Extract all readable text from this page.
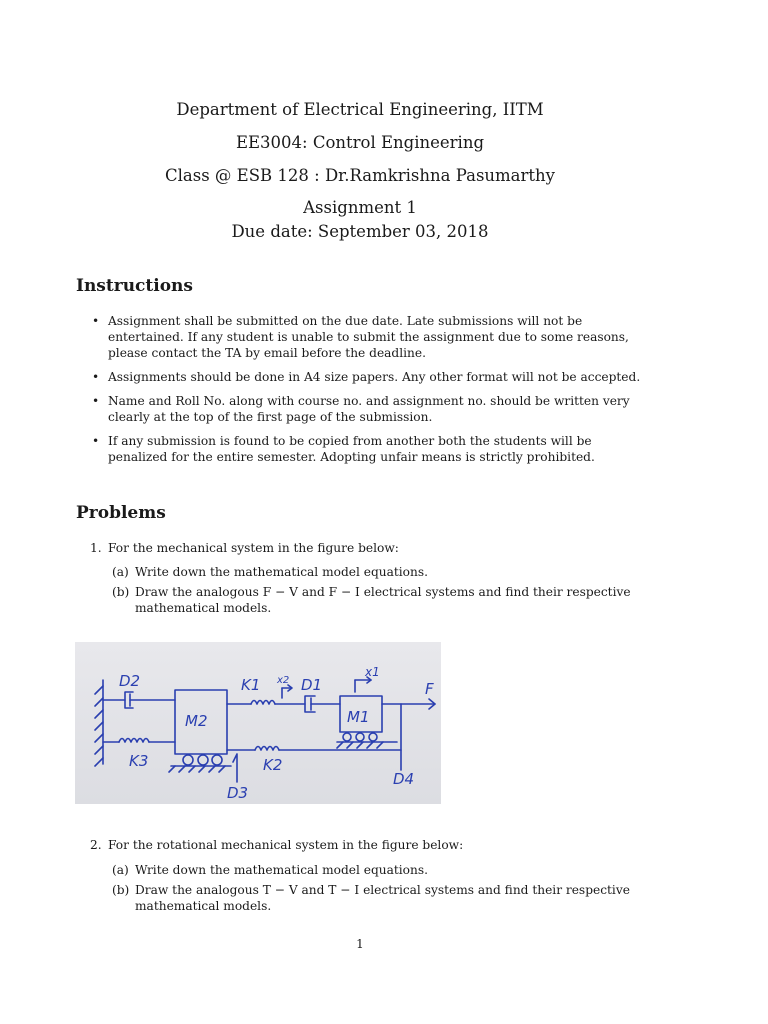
Department of Electrical Engineering, IITM
EE3004: Control Engineering
Class @ ESB 128 : Dr.Ramkrishna Pasumarthy
Assignment 1
Due date: September 03, 2018
Instructions
• Assignment shall be submitted on the due date. Late submissions will not be entertained. If any student is unable to submit the assignment due to some reasons, please contact the TA by email before the deadline.
• Assignments should be done in A4 size papers. Any other format will not be accepted.
• Name and Roll No. along with course no. and assignment no. should be written very clearly at the top of the first page of the submission.
• If any submission is found to be copied from another both the students will be penalized for the entire semester. Adopting unfair means is strictly prohibited.
Problems
1. For the mechanical system in the figure below:
(a) Write down the mathematical model equations.
(b) Draw the analogous F − V and F − I electrical systems and find their respective mathematical models.
D2	K1 x2 D1
x1
F
M2	M1
K3	K2
D3
D4
2. For the rotational mechanical system in the figure below:
(a) Write down the mathematical model equations.
(b) Draw the analogous T − V and T − I electrical systems and find their respective mathematical models.
1
